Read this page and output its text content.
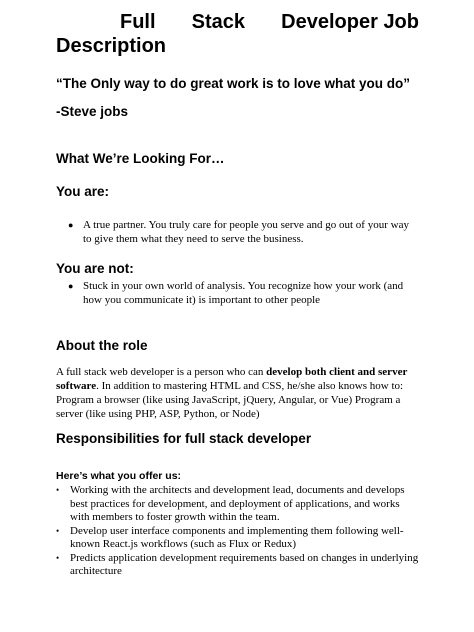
Full Stack Developer Job
Description
“The Only way to do great work is to love what you do”
-Steve jobs
What We’re Looking For…
You are:
● A true partner. You truly care for people you serve and go out of your way to give them what they need to serve the business.
You are not:
● Stuck in your own world of analysis. You recognize how your work (and how you communicate it) is important to other people
About the role
A full stack web developer is a person who can develop both client and server software. In addition to mastering HTML and CSS, he/she also knows how to: Program a browser (like using JavaScript, jQuery, Angular, or Vue) Program a server (like using PHP, ASP, Python, or Node)
Responsibilities for full stack developer
Here’s what you offer us:
• Working with the architects and development lead, documents and develops best practices for development, and deployment of applications, and works with members to foster growth within the team.
• Develop user interface components and implementing them following well-known React.js workflows (such as Flux or Redux)
• Predicts application development requirements based on changes in underlying architecture
